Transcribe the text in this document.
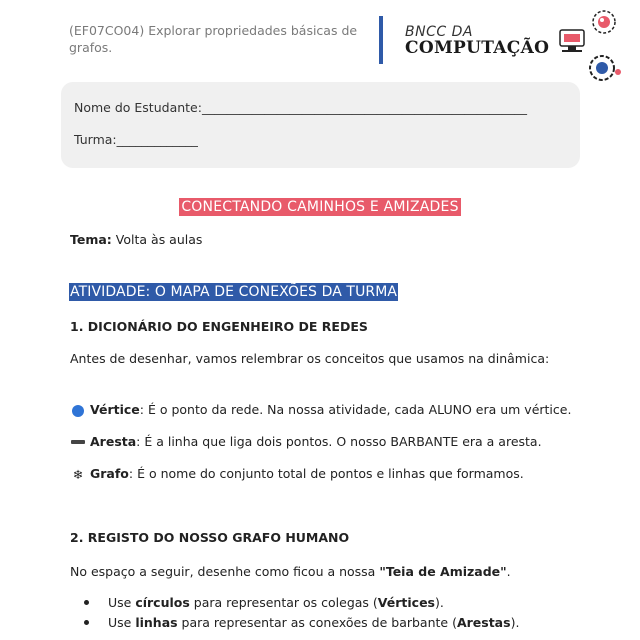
(EF07CO04) Explorar propriedades básicas de
grafos.
BNCC DA
COMPUTAÇÃO
Nome do Estudante:____________________________________________________
Turma:_____________
CONECTANDO CAMINHOS E AMIZADES
Tema: Volta às aulas
ATIVIDADE: O MAPA DE CONEXÕES DA TURMA
1. DICIONÁRIO DO ENGENHEIRO DE REDES
Antes de desenhar, vamos relembrar os conceitos que usamos na dinâmica:
Vértice: É o ponto da rede. Na nossa atividade, cada ALUNO era um vértice.
Aresta: É a linha que liga dois pontos. O nosso BARBANTE era a aresta.
❄ Grafo: É o nome do conjunto total de pontos e linhas que formamos.
2. REGISTO DO NOSSO GRAFO HUMANO
No espaço a seguir, desenhe como ficou a nossa "Teia de Amizade".
Use círculos para representar os colegas (Vértices).
Use linhas para representar as conexões de barbante (Arestas).
